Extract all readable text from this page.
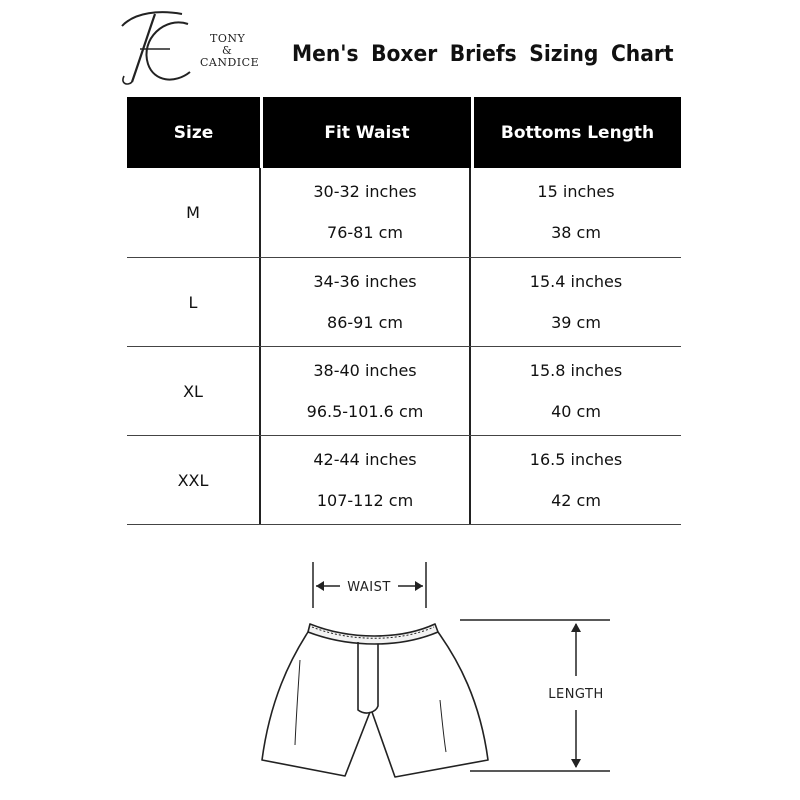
TONY
&
CANDICE Men's Boxer Briefs Sizing Chart
Size	Fit Waist	Bottoms Length
M
30-32 inches
76-81 cm
15 inches
38 cm
L
34-36 inches
86-91 cm
15.4 inches
39 cm
XL
38-40 inches
96.5-101.6 cm
15.8 inches
40 cm
XXL
42-44 inches
107-112 cm
16.5 inches
42 cm
WAIST
LENGTH
